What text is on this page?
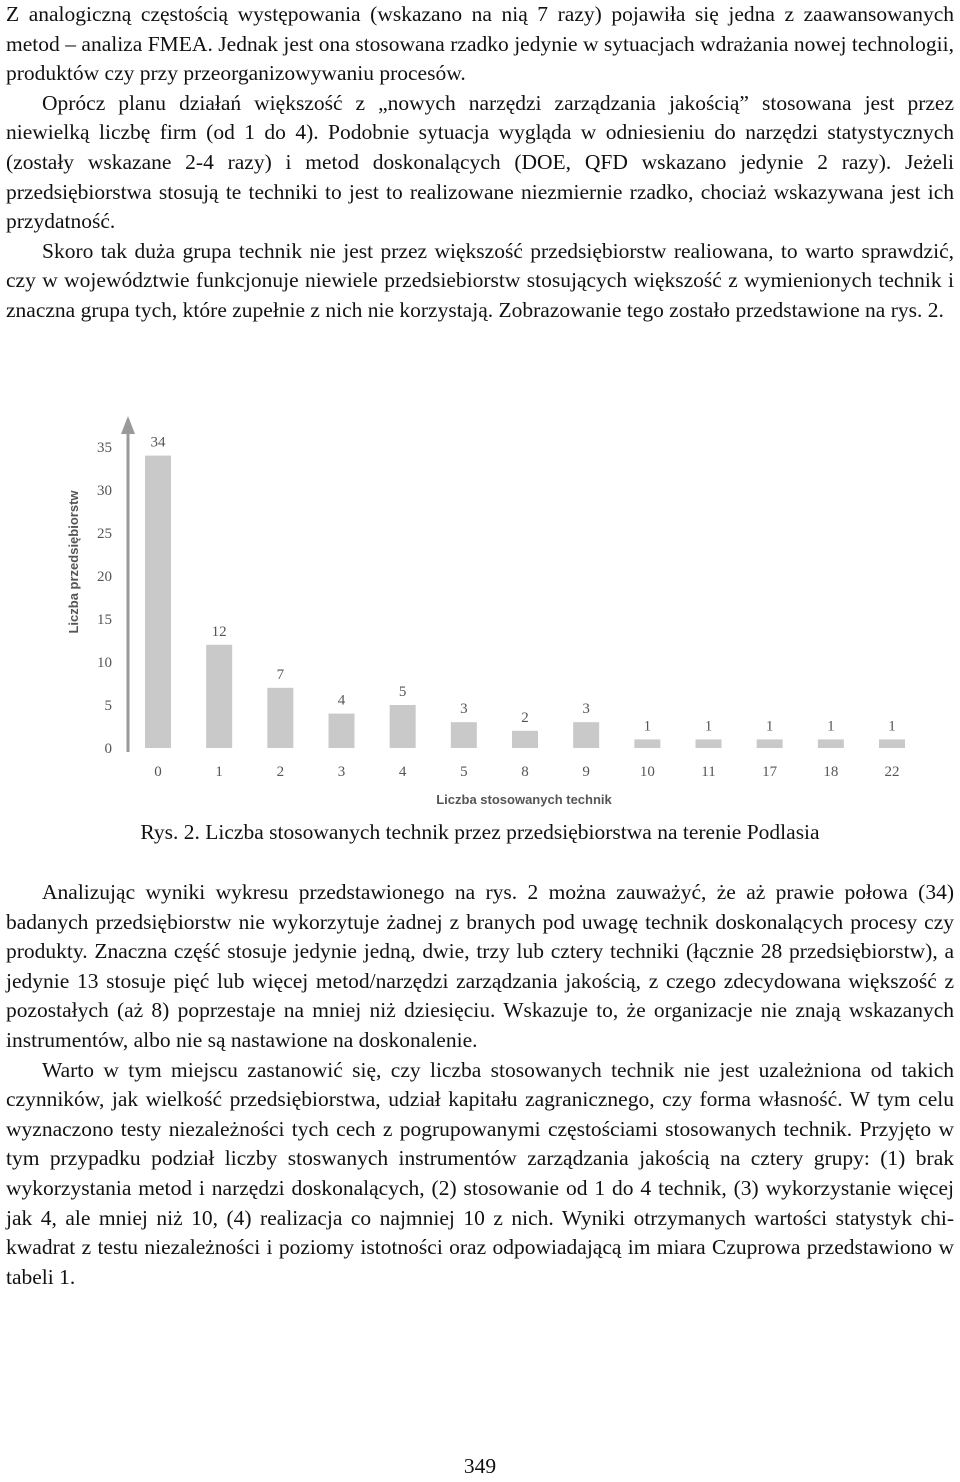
Z analogiczną częstością występowania (wskazano na nią 7 razy) pojawiła się jedna z zaawansowanych metod – analiza FMEA. Jednak jest ona stosowana rzadko jedynie w sytuacjach wdrażania nowej technologii, produktów czy przy przeorganizowywaniu procesów.

Oprócz planu działań większość z „nowych narzędzi zarządzania jakością” stosowana jest przez niewielką liczbę firm (od 1 do 4). Podobnie sytuacja wygląda w odniesieniu do narzędzi statystycznych (zostały wskazane 2-4 razy) i metod doskonalących (DOE, QFD wskazano jedynie 2 razy). Jeżeli przedsiębiorstwa stosują te techniki to jest to realizowane niezmiernie rzadko, chociaż wskazywana jest ich przydatność.

Skoro tak duża grupa technik nie jest przez większość przedsiębiorstw realiowana, to warto sprawdzić, czy w województwie funkcjonuje niewiele przedsiebiorstw stosujących większość z wymienionych technik i znaczna grupa tych, które zupełnie z nich nie korzystają. Zobrazowanie tego zostało przedstawione na rys. 2.

Liczba przedsiębiorstw
0
5
10
15
20
25
30
35	34
12
7
4
5
3
2
3
1	1	1	1	1
0	1	2	3	4	5	8	9	10	11	17	18	22
Liczba stosowanych technik
Rys. 2. Liczba stosowanych technik przez przedsiębiorstwa na terenie Podlasia

Analizując wyniki wykresu przedstawionego na rys. 2 można zauważyć, że aż prawie połowa (34) badanych przedsiębiorstw nie wykorzytuje żadnej z branych pod uwagę technik doskonalących procesy czy produkty. Znaczna część stosuje jedynie jedną, dwie, trzy lub cztery techniki (łącznie 28 przedsiębiorstw), a jedynie 13 stosuje pięć lub więcej metod/narzędzi zarządzania jakością, z czego zdecydowana większość z pozostałych (aż 8) poprzestaje na mniej niż dziesięciu. Wskazuje to, że organizacje nie znają wskazanych instrumentów, albo nie są nastawione na doskonalenie.

Warto w tym miejscu zastanowić się, czy liczba stosowanych technik nie jest uzależniona od takich czynników, jak wielkość przedsiębiorstwa, udział kapitału zagranicznego, czy forma własność. W tym celu wyznaczono testy niezależności tych cech z pogrupowanymi częstościami stosowanych technik. Przyjęto w tym przypadku podział liczby stoswanych instrumentów zarządzania jakością na cztery grupy: (1) brak wykorzystania metod i narzędzi doskonalących, (2) stosowanie od 1 do 4 technik, (3) wykorzystanie więcej jak 4, ale mniej niż 10, (4) realizacja co najmniej 10 z nich. Wyniki otrzymanych wartości statystyk chi-kwadrat z testu niezależności i poziomy istotności oraz odpowiadającą im miara Czuprowa przedstawiono w tabeli 1.

349
